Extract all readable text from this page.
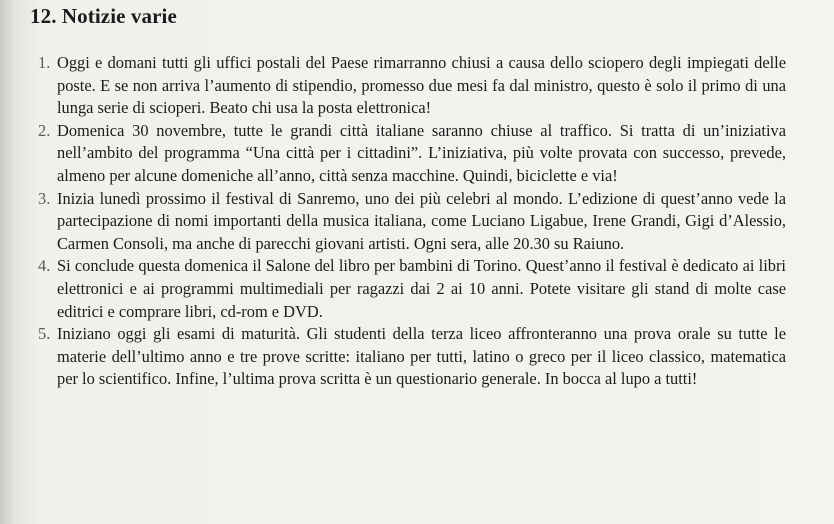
12. Notizie varie
1. Oggi e domani tutti gli uffici postali del Paese rimarranno chiusi a causa dello sciopero degli impiegati delle poste. E se non arriva l’aumento di stipendio, promesso due mesi fa dal ministro, questo è solo il primo di una lunga serie di scioperi. Beato chi usa la posta elettronica!
2. Domenica 30 novembre, tutte le grandi città italiane saranno chiuse al traffico. Si tratta di un’iniziativa nell’ambito del programma “Una città per i cittadini”. L’iniziativa, più volte provata con successo, prevede, almeno per alcune domeniche all’anno, città senza macchine. Quindi, biciclette e via!
3. Inizia lunedì prossimo il festival di Sanremo, uno dei più celebri al mondo. L’edizione di quest’anno vede la partecipazione di nomi importanti della musica italiana, come Luciano Ligabue, Irene Grandi, Gigi d’Alessio, Carmen Consoli, ma anche di parecchi giovani artisti. Ogni sera, alle 20.30 su Raiuno.
4. Si conclude questa domenica il Salone del libro per bambini di Torino. Quest’anno il festival è dedicato ai libri elettronici e ai programmi multimediali per ragazzi dai 2 ai 10 anni. Potete visitare gli stand di molte case editrici e comprare libri, cd-rom e DVD.
5. Iniziano oggi gli esami di maturità. Gli studenti della terza liceo affronteranno una prova orale su tutte le materie dell’ultimo anno e tre prove scritte: italiano per tutti, latino o greco per il liceo classico, matematica per lo scientifico. Infine, l’ultima prova scritta è un questionario generale. In bocca al lupo a tutti!
